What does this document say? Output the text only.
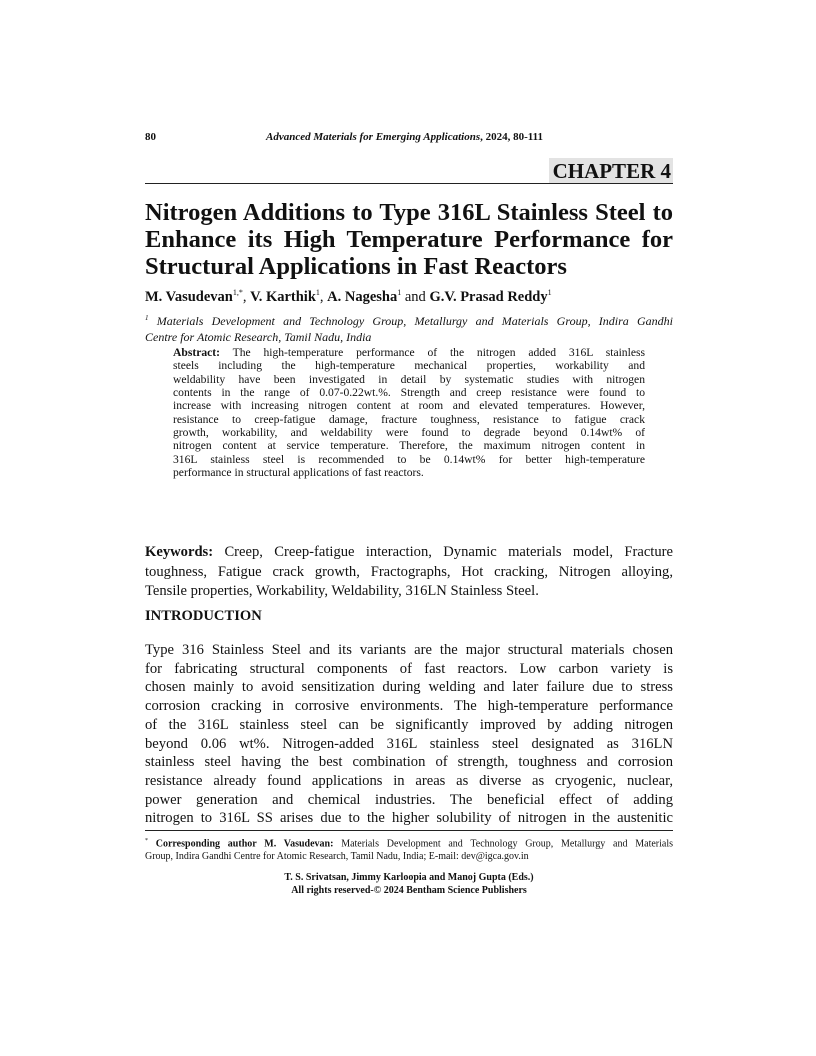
80	Advanced Materials for Emerging Applications, 2024, 80-111
CHAPTER 4
Nitrogen Additions to Type 316L Stainless Steel to
Enhance its High Temperature Performance for
Structural Applications in Fast Reactors
M. Vasudevan$^{1,*}$, V. Karthik$^1$, A. Nagesha$^1$ and G.V. Prasad Reddy$^1$
$^1$ Materials Development and Technology Group, Metallurgy and Materials Group, Indira Gandhi
Centre for Atomic Research, Tamil Nadu, India
Abstract: The high-temperature performance of the nitrogen added 316L stainless
steels including the high-temperature mechanical properties, workability and
weldability have been investigated in detail by systematic studies with nitrogen
contents in the range of 0.07-0.22wt.%. Strength and creep resistance were found to
increase with increasing nitrogen content at room and elevated temperatures. However,
resistance to creep-fatigue damage, fracture toughness, resistance to fatigue crack
growth, workability, and weldability were found to degrade beyond 0.14wt% of
nitrogen content at service temperature. Therefore, the maximum nitrogen content in
316L stainless steel is recommended to be 0.14wt% for better high-temperature
performance in structural applications of fast reactors.
Keywords: Creep, Creep-fatigue interaction, Dynamic materials model, Fracture
toughness, Fatigue crack growth, Fractographs, Hot cracking, Nitrogen alloying,
Tensile properties, Workability, Weldability, 316LN Stainless Steel.
INTRODUCTION
Type 316 Stainless Steel and its variants are the major structural materials chosen
for fabricating structural components of fast reactors. Low carbon variety is
chosen mainly to avoid sensitization during welding and later failure due to stress
corrosion cracking in corrosive environments. The high-temperature performance
of the 316L stainless steel can be significantly improved by adding nitrogen
beyond 0.06 wt%. Nitrogen-added 316L stainless steel designated as 316LN
stainless steel having the best combination of strength, toughness and corrosion
resistance already found applications in areas as diverse as cryogenic, nuclear,
power generation and chemical industries. The beneficial effect of adding
nitrogen to 316L SS arises due to the higher solubility of nitrogen in the austenitic
* Corresponding author M. Vasudevan: Materials Development and Technology Group, Metallurgy and Materials
Group, Indira Gandhi Centre for Atomic Research, Tamil Nadu, India; E-mail: dev@igca.gov.in
T. S. Srivatsan, Jimmy Karloopia and Manoj Gupta (Eds.)
All rights reserved-© 2024 Bentham Science Publishers
